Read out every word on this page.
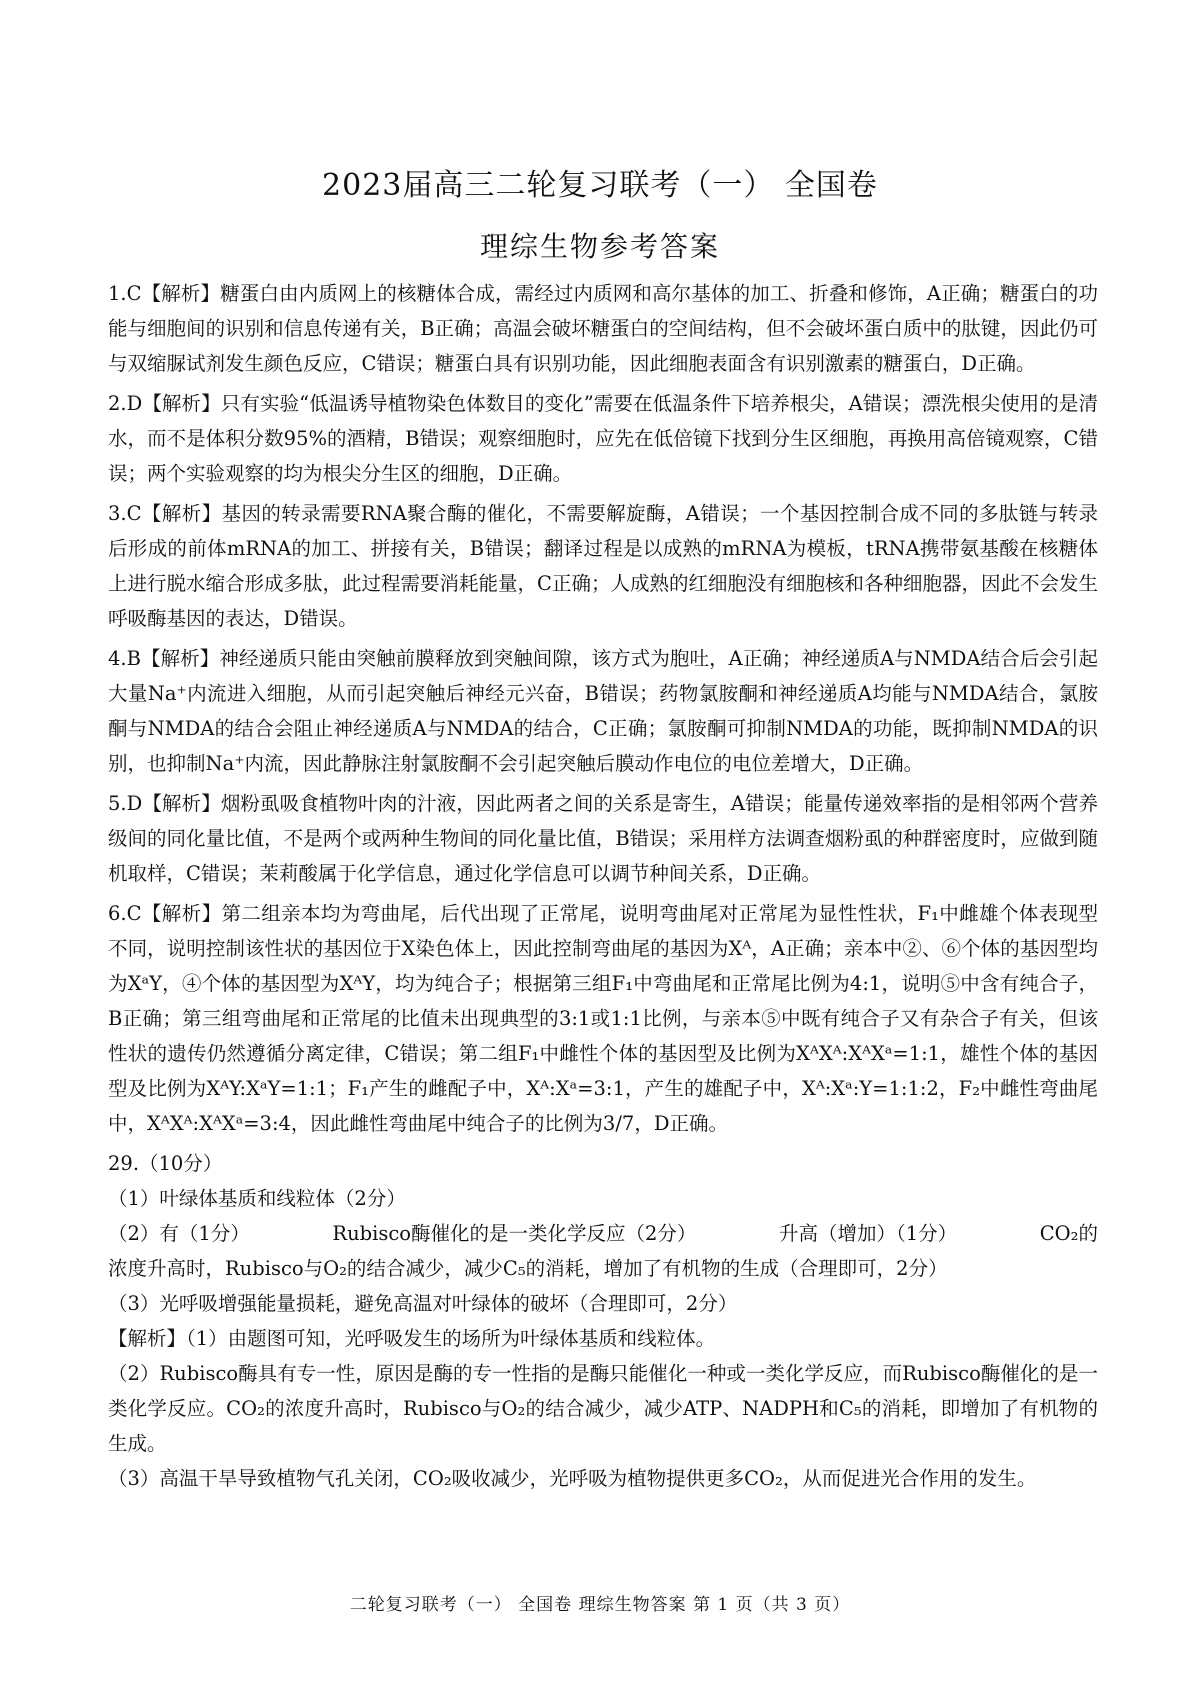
2023届高三二轮复习联考（一） 全国卷
理综生物参考答案

1.C【解析】糖蛋白由内质网上的核糖体合成，需经过内质网和高尔基体的加工、折叠和修饰，A正确；糖蛋白的功能与细胞间的识别和信息传递有关，B正确；高温会破坏糖蛋白的空间结构，但不会破坏蛋白质中的肽键，因此仍可与双缩脲试剂发生颜色反应，C错误；糖蛋白具有识别功能，因此细胞表面含有识别激素的糖蛋白，D正确。

2.D【解析】只有实验“低温诱导植物染色体数目的变化”需要在低温条件下培养根尖，A错误；漂洗根尖使用的是清水，而不是体积分数95%的酒精，B错误；观察细胞时，应先在低倍镜下找到分生区细胞，再换用高倍镜观察，C错误；两个实验观察的均为根尖分生区的细胞，D正确。

3.C【解析】基因的转录需要RNA聚合酶的催化，不需要解旋酶，A错误；一个基因控制合成不同的多肽链与转录后形成的前体mRNA的加工、拼接有关，B错误；翻译过程是以成熟的mRNA为模板，tRNA携带氨基酸在核糖体上进行脱水缩合形成多肽，此过程需要消耗能量，C正确；人成熟的红细胞没有细胞核和各种细胞器，因此不会发生呼吸酶基因的表达，D错误。

4.B【解析】神经递质只能由突触前膜释放到突触间隙，该方式为胞吐，A正确；神经递质A与NMDA结合后会引起大量Na⁺内流进入细胞，从而引起突触后神经元兴奋，B错误；药物氯胺酮和神经递质A均能与NMDA结合，氯胺酮与NMDA的结合会阻止神经递质A与NMDA的结合，C正确；氯胺酮可抑制NMDA的功能，既抑制NMDA的识别，也抑制Na⁺内流，因此静脉注射氯胺酮不会引起突触后膜动作电位的电位差增大，D正确。

5.D【解析】烟粉虱吸食植物叶肉的汁液，因此两者之间的关系是寄生，A错误；能量传递效率指的是相邻两个营养级间的同化量比值，不是两个或两种生物间的同化量比值，B错误；采用样方法调查烟粉虱的种群密度时，应做到随机取样，C错误；茉莉酸属于化学信息，通过化学信息可以调节种间关系，D正确。

6.C【解析】第二组亲本均为弯曲尾，后代出现了正常尾，说明弯曲尾对正常尾为显性性状，F₁中雌雄个体表现型不同，说明控制该性状的基因位于X染色体上，因此控制弯曲尾的基因为Xᴬ，A正确；亲本中②、⑥个体的基因型均为XᵃY，④个体的基因型为XᴬY，均为纯合子；根据第三组F₁中弯曲尾和正常尾比例为4:1，说明⑤中含有纯合子，B正确；第三组弯曲尾和正常尾的比值未出现典型的3:1或1:1比例，与亲本⑤中既有纯合子又有杂合子有关，但该性状的遗传仍然遵循分离定律，C错误；第二组F₁中雌性个体的基因型及比例为XᴬXᴬ:XᴬXᵃ=1:1，雄性个体的基因型及比例为XᴬY:XᵃY=1:1；F₁产生的雌配子中，Xᴬ:Xᵃ=3:1，产生的雄配子中，Xᴬ:Xᵃ:Y=1:1:2，F₂中雌性弯曲尾中，XᴬXᴬ:XᴬXᵃ=3:4，因此雌性弯曲尾中纯合子的比例为3/7，D正确。

29.（10分）

（1）叶绿体基质和线粒体（2分）

（2）有（1分）	Rubisco酶催化的是一类化学反应（2分）	升高（增加）（1分）	CO₂的

浓度升高时，Rubisco与O₂的结合减少，减少C₅的消耗，增加了有机物的生成（合理即可，2分）

（3）光呼吸增强能量损耗，避免高温对叶绿体的破坏（合理即可，2分）

【解析】（1）由题图可知，光呼吸发生的场所为叶绿体基质和线粒体。

（2）Rubisco酶具有专一性，原因是酶的专一性指的是酶只能催化一种或一类化学反应，而Rubisco酶催化的是一类化学反应。CO₂的浓度升高时，Rubisco与O₂的结合减少，减少ATP、NADPH和C₅的消耗，即增加了有机物的生成。

（3）高温干旱导致植物气孔关闭，CO₂吸收减少，光呼吸为植物提供更多CO₂，从而促进光合作用的发生。

二轮复习联考（一） 全国卷 理综生物答案 第 1 页（共 3 页）
